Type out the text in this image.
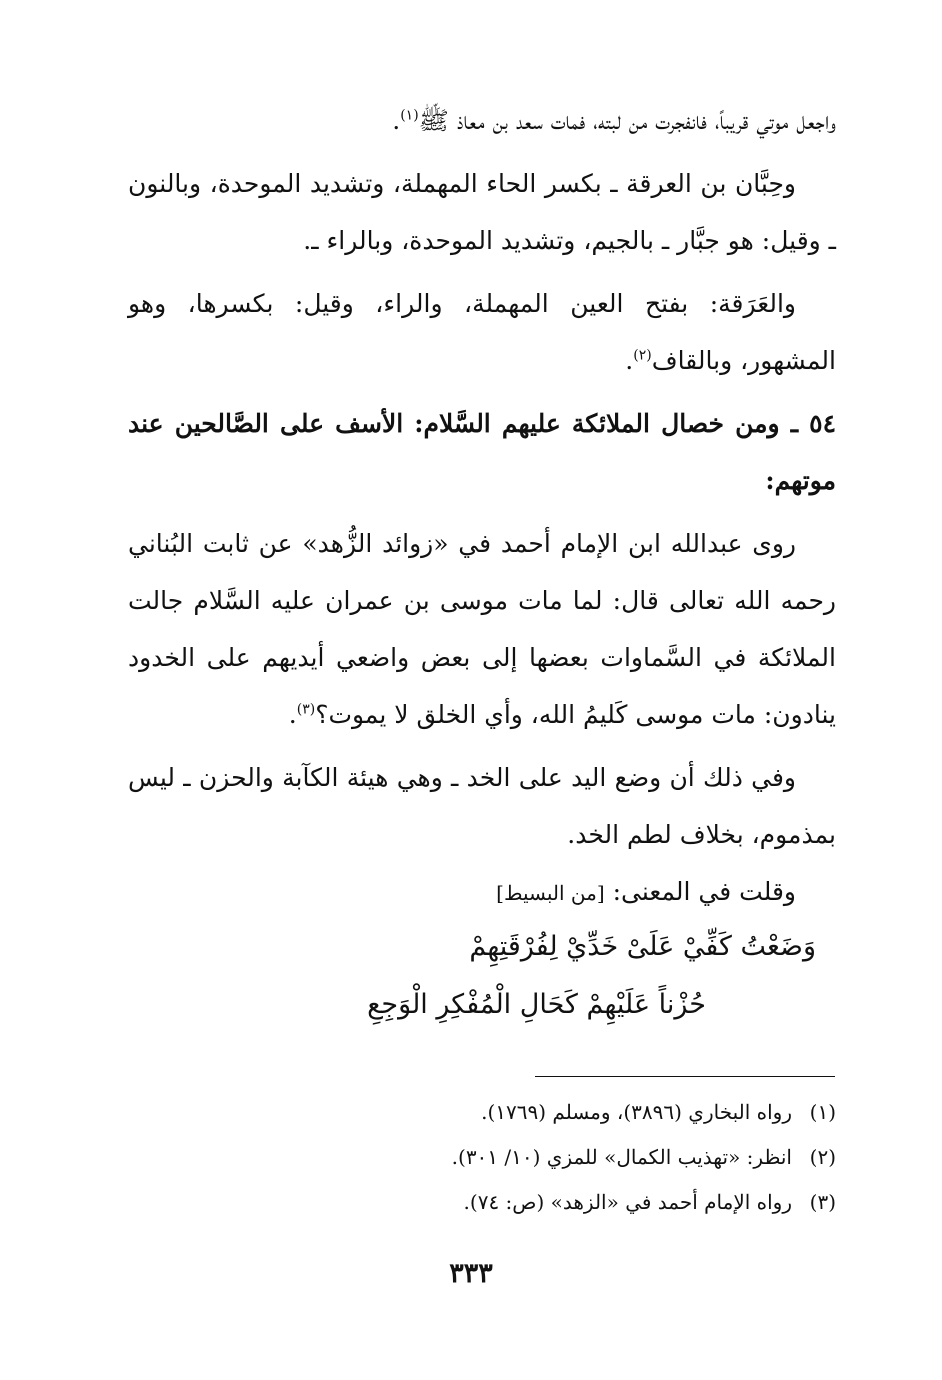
واجعل موتي قريباً، فانفجرت من لبته، فمات سعد بن معاذ ﷺ$^{(١)}$.

وحِبَّان بن العرقة ـ بكسر الحاء المهملة، وتشديد الموحدة، وبالنون ـ وقيل: هو جبَّار ـ بالجيم، وتشديد الموحدة، وبالراء ـ.

والعَرَقة: بفتح العين المهملة، والراء، وقيل: بكسرها، وهو المشهور، وبالقاف$^{(٢)}$.

٥٤ ـ ومن خصال الملائكة عليهم السَّلام: الأسف على الصَّالحين عند موتهم:

روى عبدالله ابن الإمام أحمد في «زوائد الزُّهد» عن ثابت البُناني رحمه الله تعالى قال: لما مات موسى بن عمران عليه السَّلام جالت الملائكة في السَّماوات بعضها إلى بعض واضعي أيديهم على الخدود ينادون: مات موسى كَليمُ الله، وأي الخلق لا يموت؟$^{(٣)}$.

وفي ذلك أن وضع اليد على الخد ـ وهي هيئة الكآبة والحزن ـ ليس بمذموم، بخلاف لطم الخد.

وقلت في المعنى: [من البسيط]

وَضَعْتُ كَفِّيْ عَلَىْ خَدِّيْ لِفُرْقَتِهِمْ

حُزْناً عَلَيْهِمْ كَحَالِ الْمُفْكِرِ الْوَجِعِ

(١)
رواه البخاري (٣٨٩٦)، ومسلم (١٧٦٩).

(٢)
انظر: «تهذيب الكمال» للمزي (١٠/ ٣٠١).

(٣)
رواه الإمام أحمد في «الزهد» (ص: ٧٤).

٣٣٣
